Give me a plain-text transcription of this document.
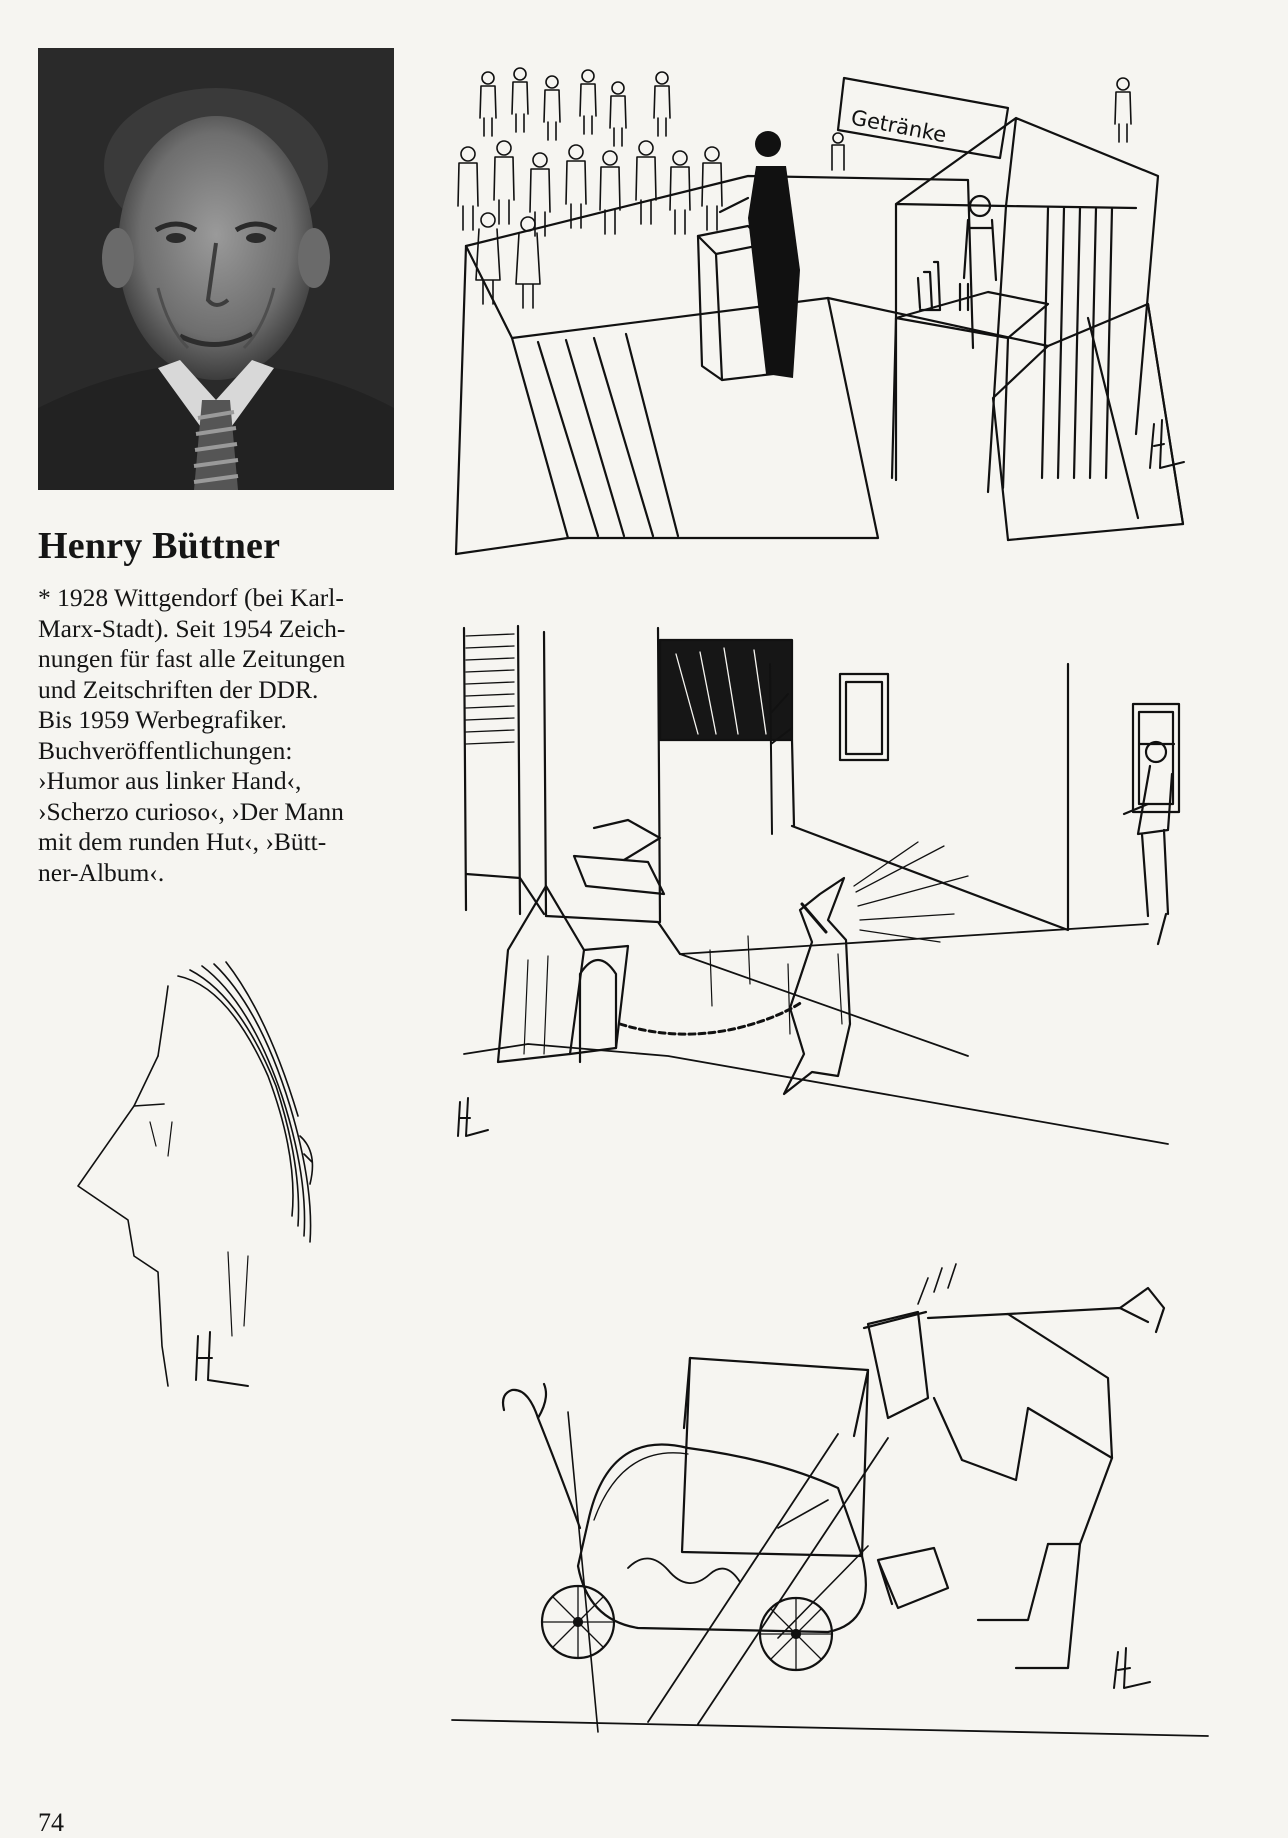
Henry Büttner

* 1928 Wittgendorf (bei Karl-
Marx-Stadt). Seit 1954 Zeich-
nungen für fast alle Zeitungen
und Zeitschriften der DDR.
Bis 1959 Werbegrafiker.
Buchveröffentlichungen:
›Humor aus linker Hand‹,
›Scherzo curioso‹, ›Der Mann
mit dem runden Hut‹, ›Bütt-
ner-Album‹.

Getränke
74
